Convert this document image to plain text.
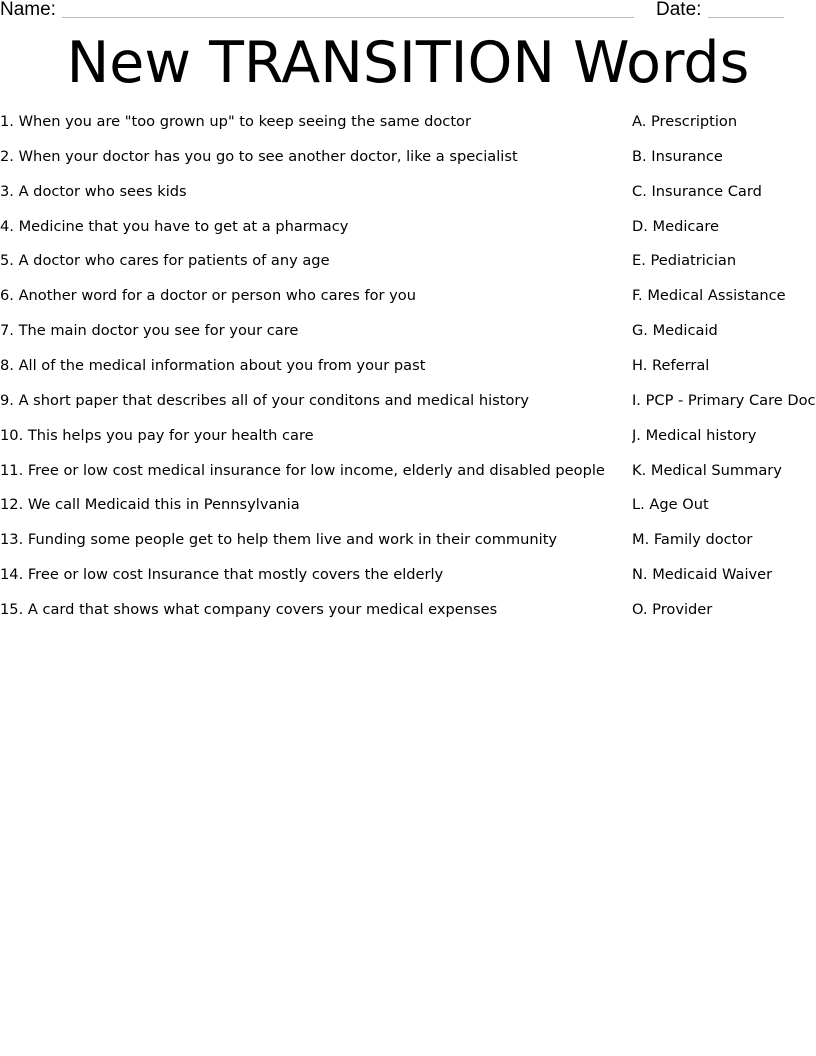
Name:	Date:
New TRANSITION Words
1. When you are "too grown up" to keep seeing the same doctor
2. When your doctor has you go to see another doctor, like a specialist
3. A doctor who sees kids
4. Medicine that you have to get at a pharmacy
5. A doctor who cares for patients of any age
6. Another word for a doctor or person who cares for you
7. The main doctor you see for your care
8. All of the medical information about you from your past
9. A short paper that describes all of your conditons and medical history
10. This helps you pay for your health care
11. Free or low cost medical insurance for low income, elderly and disabled people
12. We call Medicaid this in Pennsylvania
13. Funding some people get to help them live and work in their community
14. Free or low cost Insurance that mostly covers the elderly
15. A card that shows what company covers your medical expenses
A. Prescription
B. Insurance
C. Insurance Card
D. Medicare
E. Pediatrician
F. Medical Assistance
G. Medicaid
H. Referral
I. PCP - Primary Care Doc
J. Medical history
K. Medical Summary
L. Age Out
M. Family doctor
N. Medicaid Waiver
O. Provider
